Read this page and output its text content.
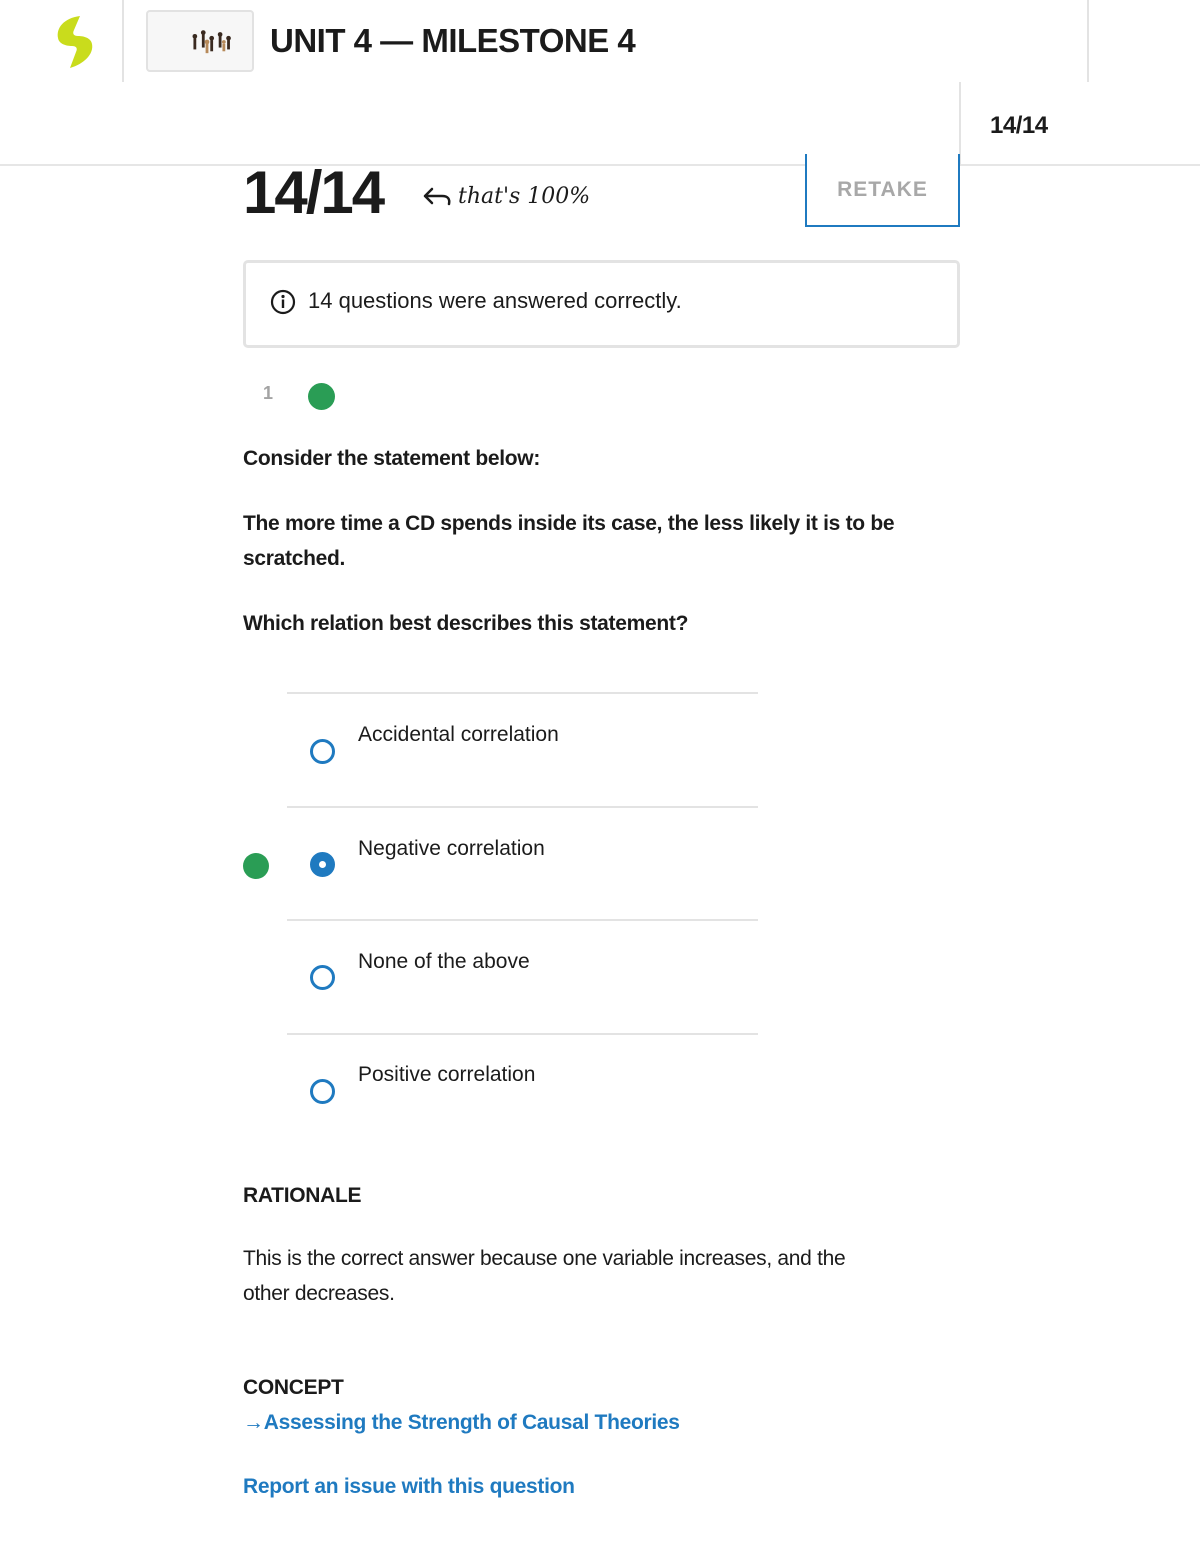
UNIT 4 — MILESTONE 4
14/14
14/14	that's 100%	RETAKE
14 questions were answered correctly.
1
Consider the statement below:
The more time a CD spends inside its case, the less likely it is to be
scratched.
Which relation best describes this statement?
Accidental correlation
Negative correlation
None of the above
Positive correlation
RATIONALE
This is the correct answer because one variable increases, and the
other decreases.
CONCEPT
→Assessing the Strength of Causal Theories
Report an issue with this question
